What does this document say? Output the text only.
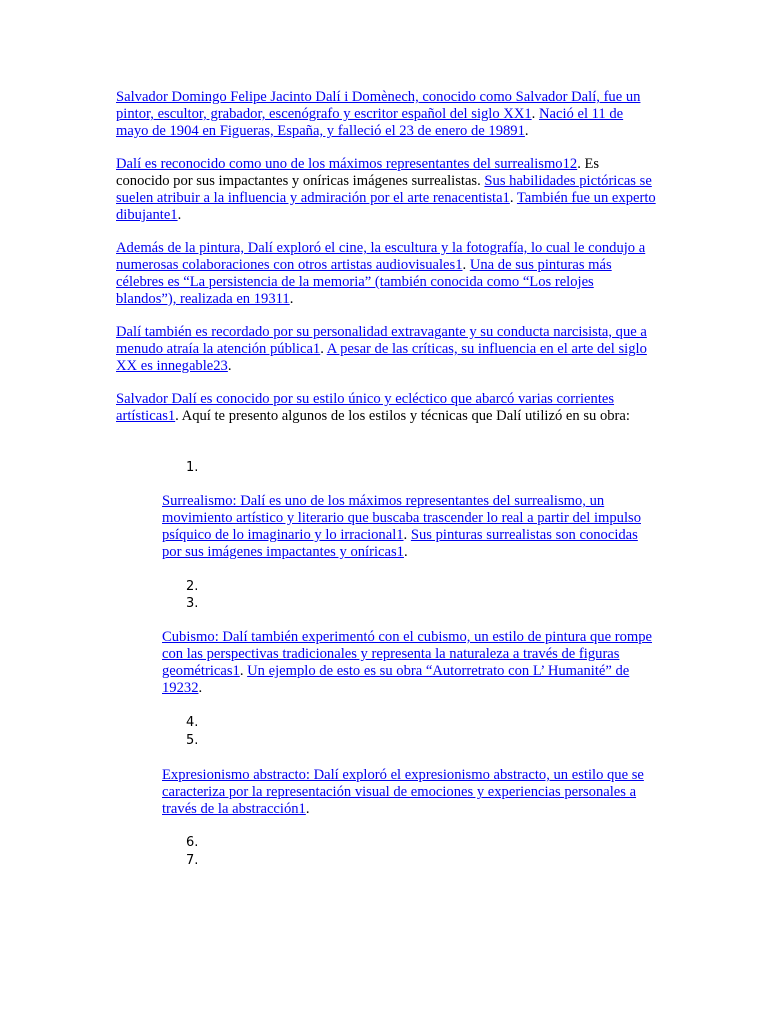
Salvador Domingo Felipe Jacinto Dalí i Domènech, conocido como Salvador Dalí, fue un pintor, escultor, grabador, escenógrafo y escritor español del siglo XX1. Nació el 11 de mayo de 1904 en Figueras, España, y falleció el 23 de enero de 19891.

Dalí es reconocido como uno de los máximos representantes del surrealismo12. Es conocido por sus impactantes y oníricas imágenes surrealistas. Sus habilidades pictóricas se suelen atribuir a la influencia y admiración por el arte renacentista1. También fue un experto dibujante1.

Además de la pintura, Dalí exploró el cine, la escultura y la fotografía, lo cual le condujo a numerosas colaboraciones con otros artistas audiovisuales1. Una de sus pinturas más célebres es “La persistencia de la memoria” (también conocida como “Los relojes blandos”), realizada en 19311.

Dalí también es recordado por su personalidad extravagante y su conducta narcisista, que a menudo atraía la atención pública1. A pesar de las críticas, su influencia en el arte del siglo XX es innegable23.

Salvador Dalí es conocido por su estilo único y ecléctico que abarcó varias corrientes artísticas1. Aquí te presento algunos de los estilos y técnicas que Dalí utilizó en su obra:

1.

Surrealismo: Dalí es uno de los máximos representantes del surrealismo, un movimiento artístico y literario que buscaba trascender lo real a partir del impulso psíquico de lo imaginario y lo irracional1. Sus pinturas surrealistas son conocidas por sus imágenes impactantes y oníricas1.

2.
3.

Cubismo: Dalí también experimentó con el cubismo, un estilo de pintura que rompe con las perspectivas tradicionales y representa la naturaleza a través de figuras geométricas1. Un ejemplo de esto es su obra “Autorretrato con L’ Humanité” de 19232.

4.
5.

Expresionismo abstracto: Dalí exploró el expresionismo abstracto, un estilo que se caracteriza por la representación visual de emociones y experiencias personales a través de la abstracción1.

6.
7.
